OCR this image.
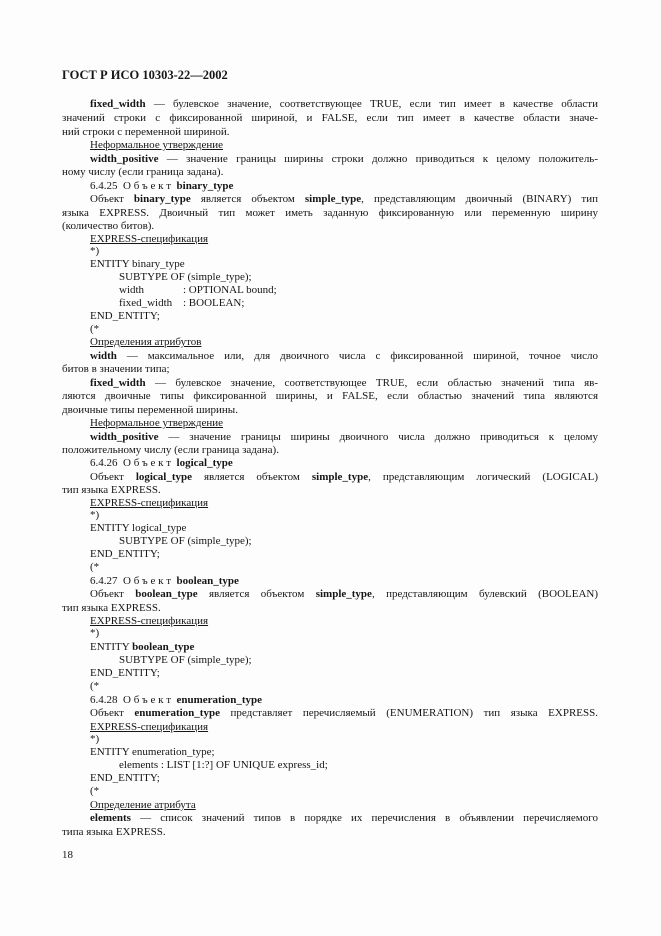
ГОСТ Р ИСО 10303-22—2002
fixed_width — булевское значение, соответствующее TRUE, если тип имеет в качестве области
значений строки с фиксированной шириной, и FALSE, если тип имеет в качестве области значе-
ний строки с переменной шириной.
Неформальное утверждение
width_positive — значение границы ширины строки должно приводиться к целому положитель-
ному числу (если граница задана).
6.4.25  О б ъ е к т  binary_type
Объект binary_type является объектом simple_type, представляющим двоичный (BINARY) тип
языка EXPRESS. Двоичный тип может иметь заданную фиксированную или переменную ширину
(количество битов).
EXPRESS-спецификация
*)
ENTITY binary_type
SUBTYPE OF (simple_type);
width	: OPTIONAL bound;
fixed_width : BOOLEAN;
END_ENTITY;
(*
Определения атрибутов
width — максимальное или, для двоичного числа с фиксированной шириной, точное число
битов в значении типа;
fixed_width — булевское значение, соответствующее TRUE, если областью значений типа яв-
ляются двоичные типы фиксированной ширины, и FALSE, если областью значений типа являются
двоичные типы переменной ширины.
Неформальное утверждение
width_positive — значение границы ширины двоичного числа должно приводиться к целому
положительному числу (если граница задана).
6.4.26  О б ъ е к т  logical_type
Объект logical_type является объектом simple_type, представляющим логический (LOGICAL)
тип языка EXPRESS.
EXPRESS-спецификация
*)
ENTITY logical_type
SUBTYPE OF (simple_type);
END_ENTITY;
(*
6.4.27  О б ъ е к т  boolean_type
Объект boolean_type является объектом simple_type, представляющим булевский (BOOLEAN)
тип языка EXPRESS.
EXPRESS-спецификация
*)
ENTITY boolean_type
SUBTYPE OF (simple_type);
END_ENTITY;
(*
6.4.28  О б ъ е к т  enumeration_type
Объект enumeration_type представляет перечисляемый (ENUMERATION) тип языка EXPRESS.
EXPRESS-спецификация
*)
ENTITY enumeration_type;
elements : LIST [1:?] OF UNIQUE express_id;
END_ENTITY;
(*
Определение атрибута
elements — список значений типов в порядке их перечисления в объявлении перечисляемого
типа языка EXPRESS.
18
